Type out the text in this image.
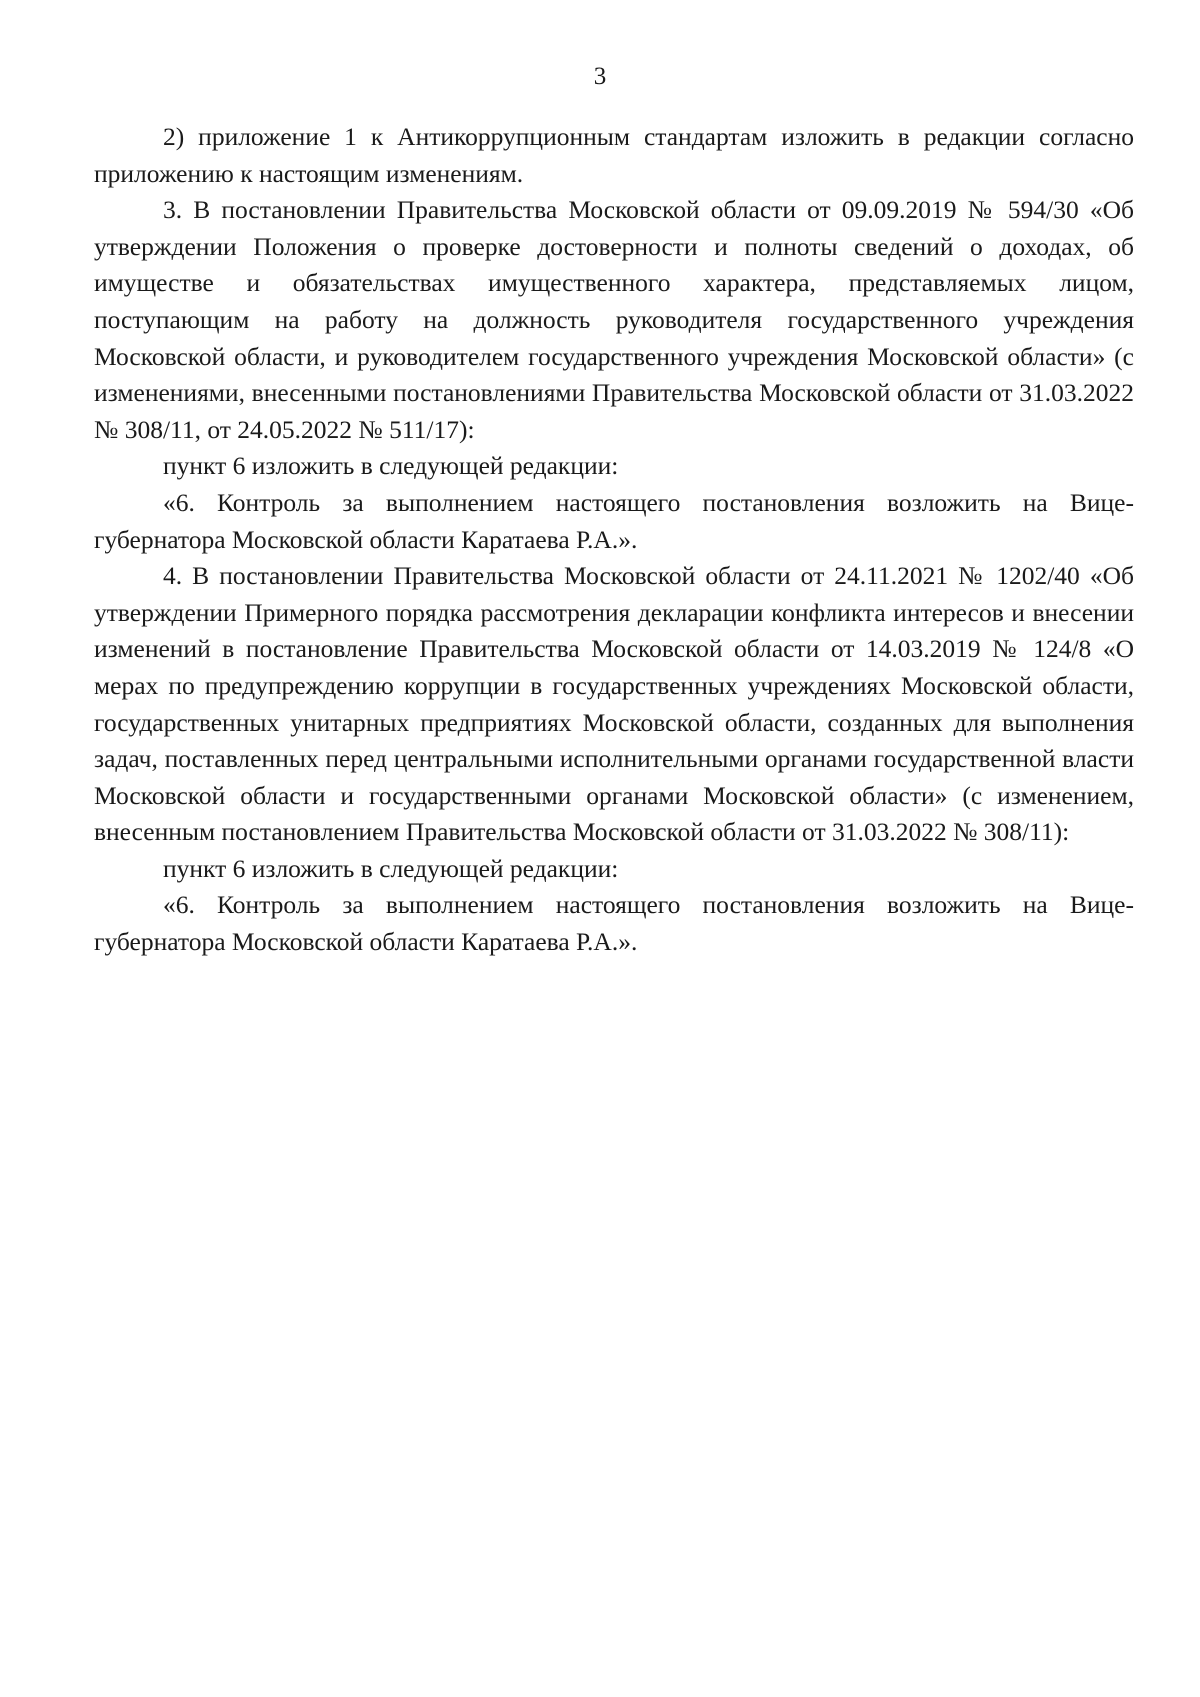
3

2) приложение 1 к Антикоррупционным стандартам изложить в редакции согласно приложению к настоящим изменениям.

3. В постановлении Правительства Московской области от 09.09.2019 № 594/30 «Об утверждении Положения о проверке достоверности и полноты сведений о доходах, об имуществе и обязательствах имущественного характера, представляемых лицом, поступающим на работу на должность руководителя государственного учреждения Московской области, и руководителем государственного учреждения Московской области» (с изменениями, внесенными постановлениями Правительства Московской области от 31.03.2022 № 308/11, от 24.05.2022 № 511/17):

пункт 6 изложить в следующей редакции:

«6. Контроль за выполнением настоящего постановления возложить на Вице-губернатора Московской области Каратаева Р.А.».

4. В постановлении Правительства Московской области от 24.11.2021 № 1202/40 «Об утверждении Примерного порядка рассмотрения декларации конфликта интересов и внесении изменений в постановление Правительства Московской области от 14.03.2019 № 124/8 «О мерах по предупреждению коррупции в государственных учреждениях Московской области, государственных унитарных предприятиях Московской области, созданных для выполнения задач, поставленных перед центральными исполнительными органами государственной власти Московской области и государственными органами Московской области» (с изменением, внесенным постановлением Правительства Московской области от 31.03.2022 № 308/11):

пункт 6 изложить в следующей редакции:

«6. Контроль за выполнением настоящего постановления возложить на Вице-губернатора Московской области Каратаева Р.А.».
